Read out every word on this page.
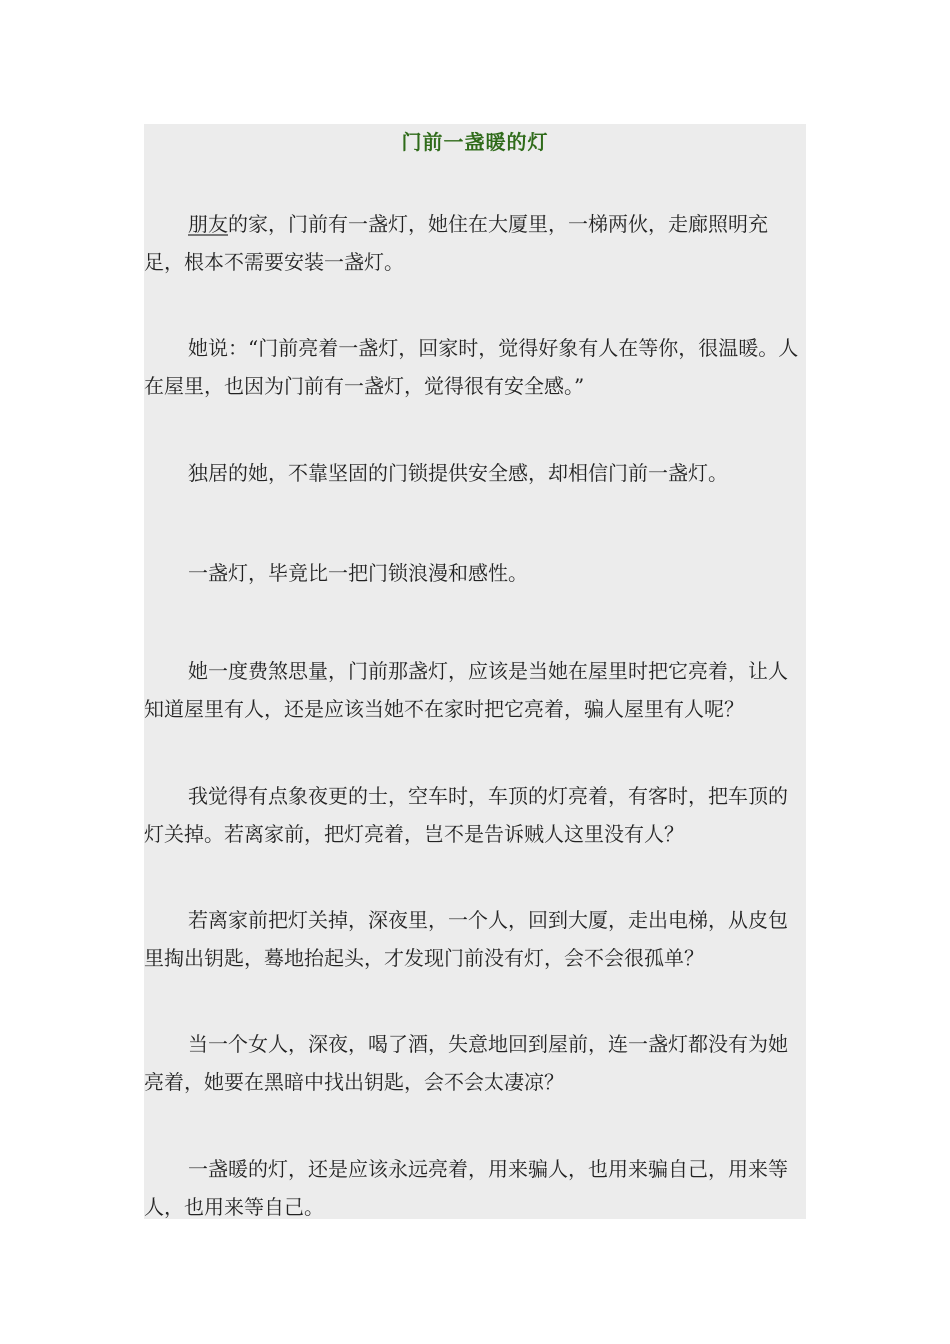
门前一盏暖的灯
朋友的家，门前有一盏灯，她住在大厦里，一梯两伙，走廊照明充足，根本不需要安装一盏灯。
她说：“门前亮着一盏灯，回家时，觉得好象有人在等你，很温暖。人在屋里，也因为门前有一盏灯，觉得很有安全感。”
独居的她，不靠坚固的门锁提供安全感，却相信门前一盏灯。
一盏灯，毕竟比一把门锁浪漫和感性。
她一度费煞思量，门前那盏灯，应该是当她在屋里时把它亮着，让人知道屋里有人，还是应该当她不在家时把它亮着，骗人屋里有人呢？
我觉得有点象夜更的士，空车时，车顶的灯亮着，有客时，把车顶的灯关掉。若离家前，把灯亮着，岂不是告诉贼人这里没有人？
若离家前把灯关掉，深夜里，一个人，回到大厦，走出电梯，从皮包里掏出钥匙，蓦地抬起头，才发现门前没有灯，会不会很孤单？
当一个女人，深夜，喝了酒，失意地回到屋前，连一盏灯都没有为她亮着，她要在黑暗中找出钥匙，会不会太凄凉？
一盏暖的灯，还是应该永远亮着，用来骗人，也用来骗自己，用来等人，也用来等自己。
